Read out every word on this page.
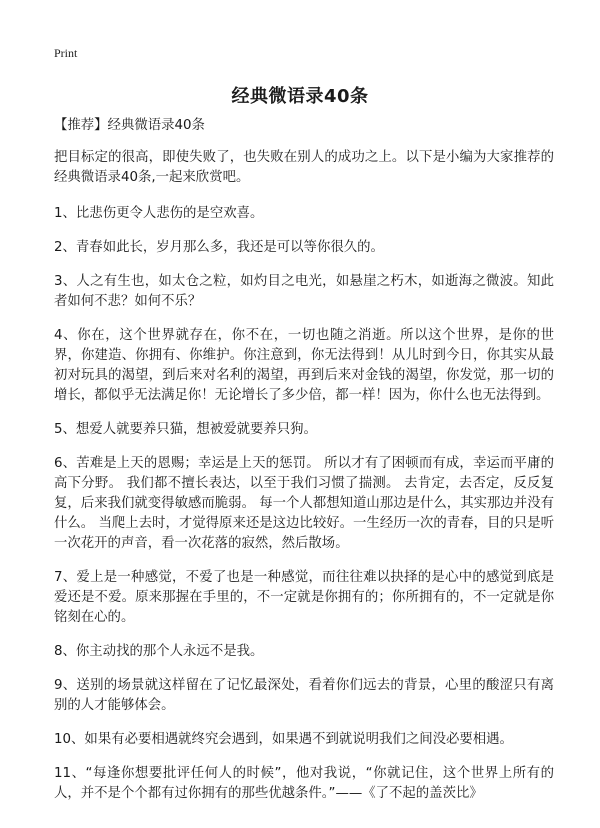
Print
经典微语录40条

【推荐】经典微语录40条

把目标定的很高，即使失败了，也失败在别人的成功之上。以下是小编为大家推荐的经典微语录40条,一起来欣赏吧。

1、比悲伤更令人悲伤的是空欢喜。

2、青春如此长，岁月那么多，我还是可以等你很久的。

3、人之有生也，如太仓之粒，如灼目之电光，如悬崖之朽木，如逝海之微波。知此者如何不悲？如何不乐？

4、你在，这个世界就存在，你不在，一切也随之消逝。所以这个世界，是你的世界，你建造、你拥有、你维护。你注意到，你无法得到！从儿时到今日，你其实从最初对玩具的渴望，到后来对名利的渴望，再到后来对金钱的渴望，你发觉，那一切的增长，都似乎无法满足你！无论增长了多少倍，都一样！因为，你什么也无法得到。

5、想爱人就要养只猫，想被爱就要养只狗。

6、苦难是上天的恩赐；幸运是上天的惩罚。 所以才有了困顿而有成，幸运而平庸的高下分野。 我们都不擅长表达，以至于我们习惯了揣测。 去肯定，去否定，反反复复，后来我们就变得敏感而脆弱。 每一个人都想知道山那边是什么，其实那边并没有什么。 当爬上去时，才觉得原来还是这边比较好。一生经历一次的青春，目的只是听一次花开的声音，看一次花落的寂然，然后散场。

7、爱上是一种感觉，不爱了也是一种感觉，而往往难以抉择的是心中的感觉到底是爱还是不爱。原来那握在手里的，不一定就是你拥有的；你所拥有的，不一定就是你铭刻在心的。

8、你主动找的那个人永远不是我。

9、送别的场景就这样留在了记忆最深处，看着你们远去的背景，心里的酸涩只有离别的人才能够体会。

10、如果有必要相遇就终究会遇到，如果遇不到就说明我们之间没必要相遇。

11、“每逢你想要批评任何人的时候”，他对我说，“你就记住，这个世界上所有的人，并不是个个都有过你拥有的那些优越条件。”——《了不起的盖茨比》
